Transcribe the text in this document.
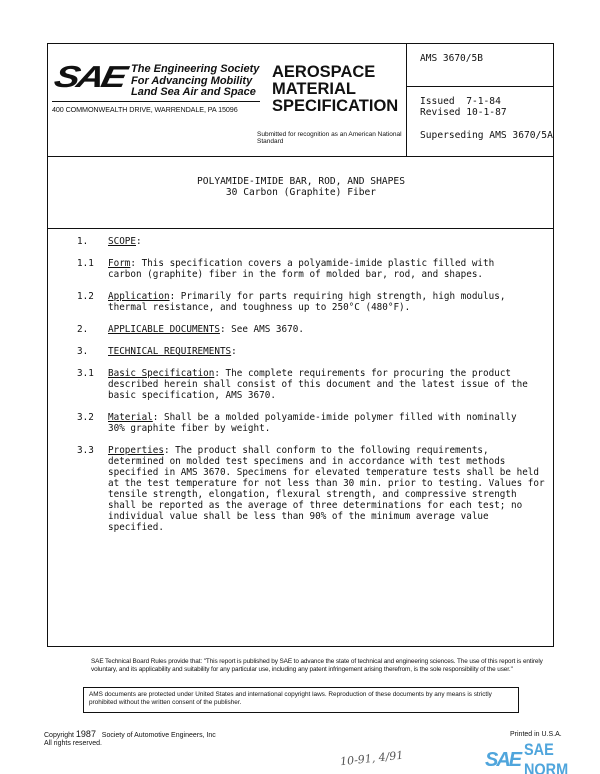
SAE The Engineering Society
For Advancing Mobility
Land Sea Air and Space
400 COMMONWEALTH DRIVE, WARRENDALE, PA 15096
AEROSPACE
MATERIAL
SPECIFICATION
Submitted for recognition as an American National Standard
AMS 3670/5B
Issued  7-1-84
Revised 10-1-87
Superseding AMS 3670/5A
POLYAMIDE-IMIDE BAR, ROD, AND SHAPES
30 Carbon (Graphite) Fiber
1.	SCOPE:
1.1	Form: This specification covers a polyamide-imide plastic filled with carbon (graphite) fiber in the form of molded bar, rod, and shapes.
1.2	Application: Primarily for parts requiring high strength, high modulus, thermal resistance, and toughness up to 250°C (480°F).
2.	APPLICABLE DOCUMENTS: See AMS 3670.
3.	TECHNICAL REQUIREMENTS:
3.1	Basic Specification: The complete requirements for procuring the product described herein shall consist of this document and the latest issue of the basic specification, AMS 3670.
3.2	Material: Shall be a molded polyamide-imide polymer filled with nominally 30% graphite fiber by weight.
3.3	Properties: The product shall conform to the following requirements, determined on molded test specimens and in accordance with test methods specified in AMS 3670. Specimens for elevated temperature tests shall be held at the test temperature for not less than 30 min. prior to testing. Values for tensile strength, elongation, flexural strength, and compressive strength shall be reported as the average of three determinations for each test; no individual value shall be less than 90% of the minimum average value specified.
SAE Technical Board Rules provide that: "This report is published by SAE to advance the state of technical and engineering sciences. The use of this report is entirely voluntary, and its applicability and suitability for any particular use, including any patent infringement arising therefrom, is the sole responsibility of the user."
AMS documents are protected under United States and international copyright laws. Reproduction of these documents by any means is strictly prohibited without the written consent of the publisher.
Copyright 1987 Society of Automotive Engineers, Inc
All rights reserved.
10-91, 4/91
Printed in U.S.A.
SAE SAE NORM
